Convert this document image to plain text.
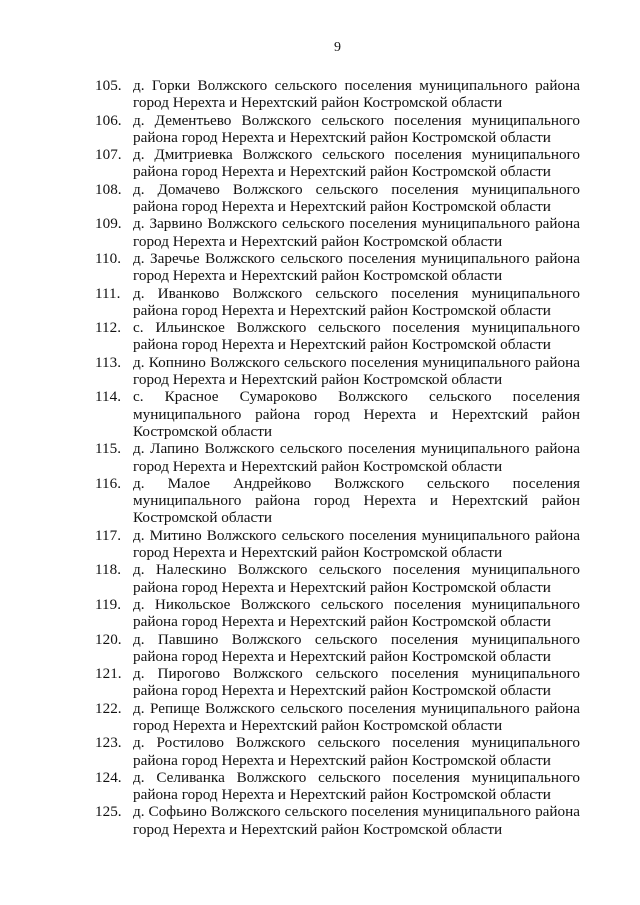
9
105. д. Горки Волжского сельского поселения муниципального района город Нерехта и Нерехтский район Костромской области
106. д. Дементьево Волжского сельского поселения муниципального района город Нерехта и Нерехтский район Костромской области
107. д. Дмитриевка Волжского сельского поселения муниципального района город Нерехта и Нерехтский район Костромской области
108. д. Домачево Волжского сельского поселения муниципального района город Нерехта и Нерехтский район Костромской области
109. д. Зарвино Волжского сельского поселения муниципального района город Нерехта и Нерехтский район Костромской области
110. д. Заречье Волжского сельского поселения муниципального района город Нерехта и Нерехтский район Костромской области
111. д. Иванково Волжского сельского поселения муниципального района город Нерехта и Нерехтский район Костромской области
112. с. Ильинское Волжского сельского поселения муниципального района город Нерехта и Нерехтский район Костромской области
113. д. Копнино Волжского сельского поселения муниципального района город Нерехта и Нерехтский район Костромской области
114. с. Красное Сумароково Волжского сельского поселения муниципального района город Нерехта и Нерехтский район Костромской области
115. д. Лапино Волжского сельского поселения муниципального района город Нерехта и Нерехтский район Костромской области
116. д. Малое Андрейково Волжского сельского поселения муниципального района город Нерехта и Нерехтский район Костромской области
117. д. Митино Волжского сельского поселения муниципального района город Нерехта и Нерехтский район Костромской области
118. д. Налескино Волжского сельского поселения муниципального района город Нерехта и Нерехтский район Костромской области
119. д. Никольское Волжского сельского поселения муниципального района город Нерехта и Нерехтский район Костромской области
120. д. Павшино Волжского сельского поселения муниципального района город Нерехта и Нерехтский район Костромской области
121. д. Пирогово Волжского сельского поселения муниципального района город Нерехта и Нерехтский район Костромской области
122. д. Репище Волжского сельского поселения муниципального района город Нерехта и Нерехтский район Костромской области
123. д. Ростилово Волжского сельского поселения муниципального района город Нерехта и Нерехтский район Костромской области
124. д. Селиванка Волжского сельского поселения муниципального района город Нерехта и Нерехтский район Костромской области
125. д. Софьино Волжского сельского поселения муниципального района город Нерехта и Нерехтский район Костромской области
